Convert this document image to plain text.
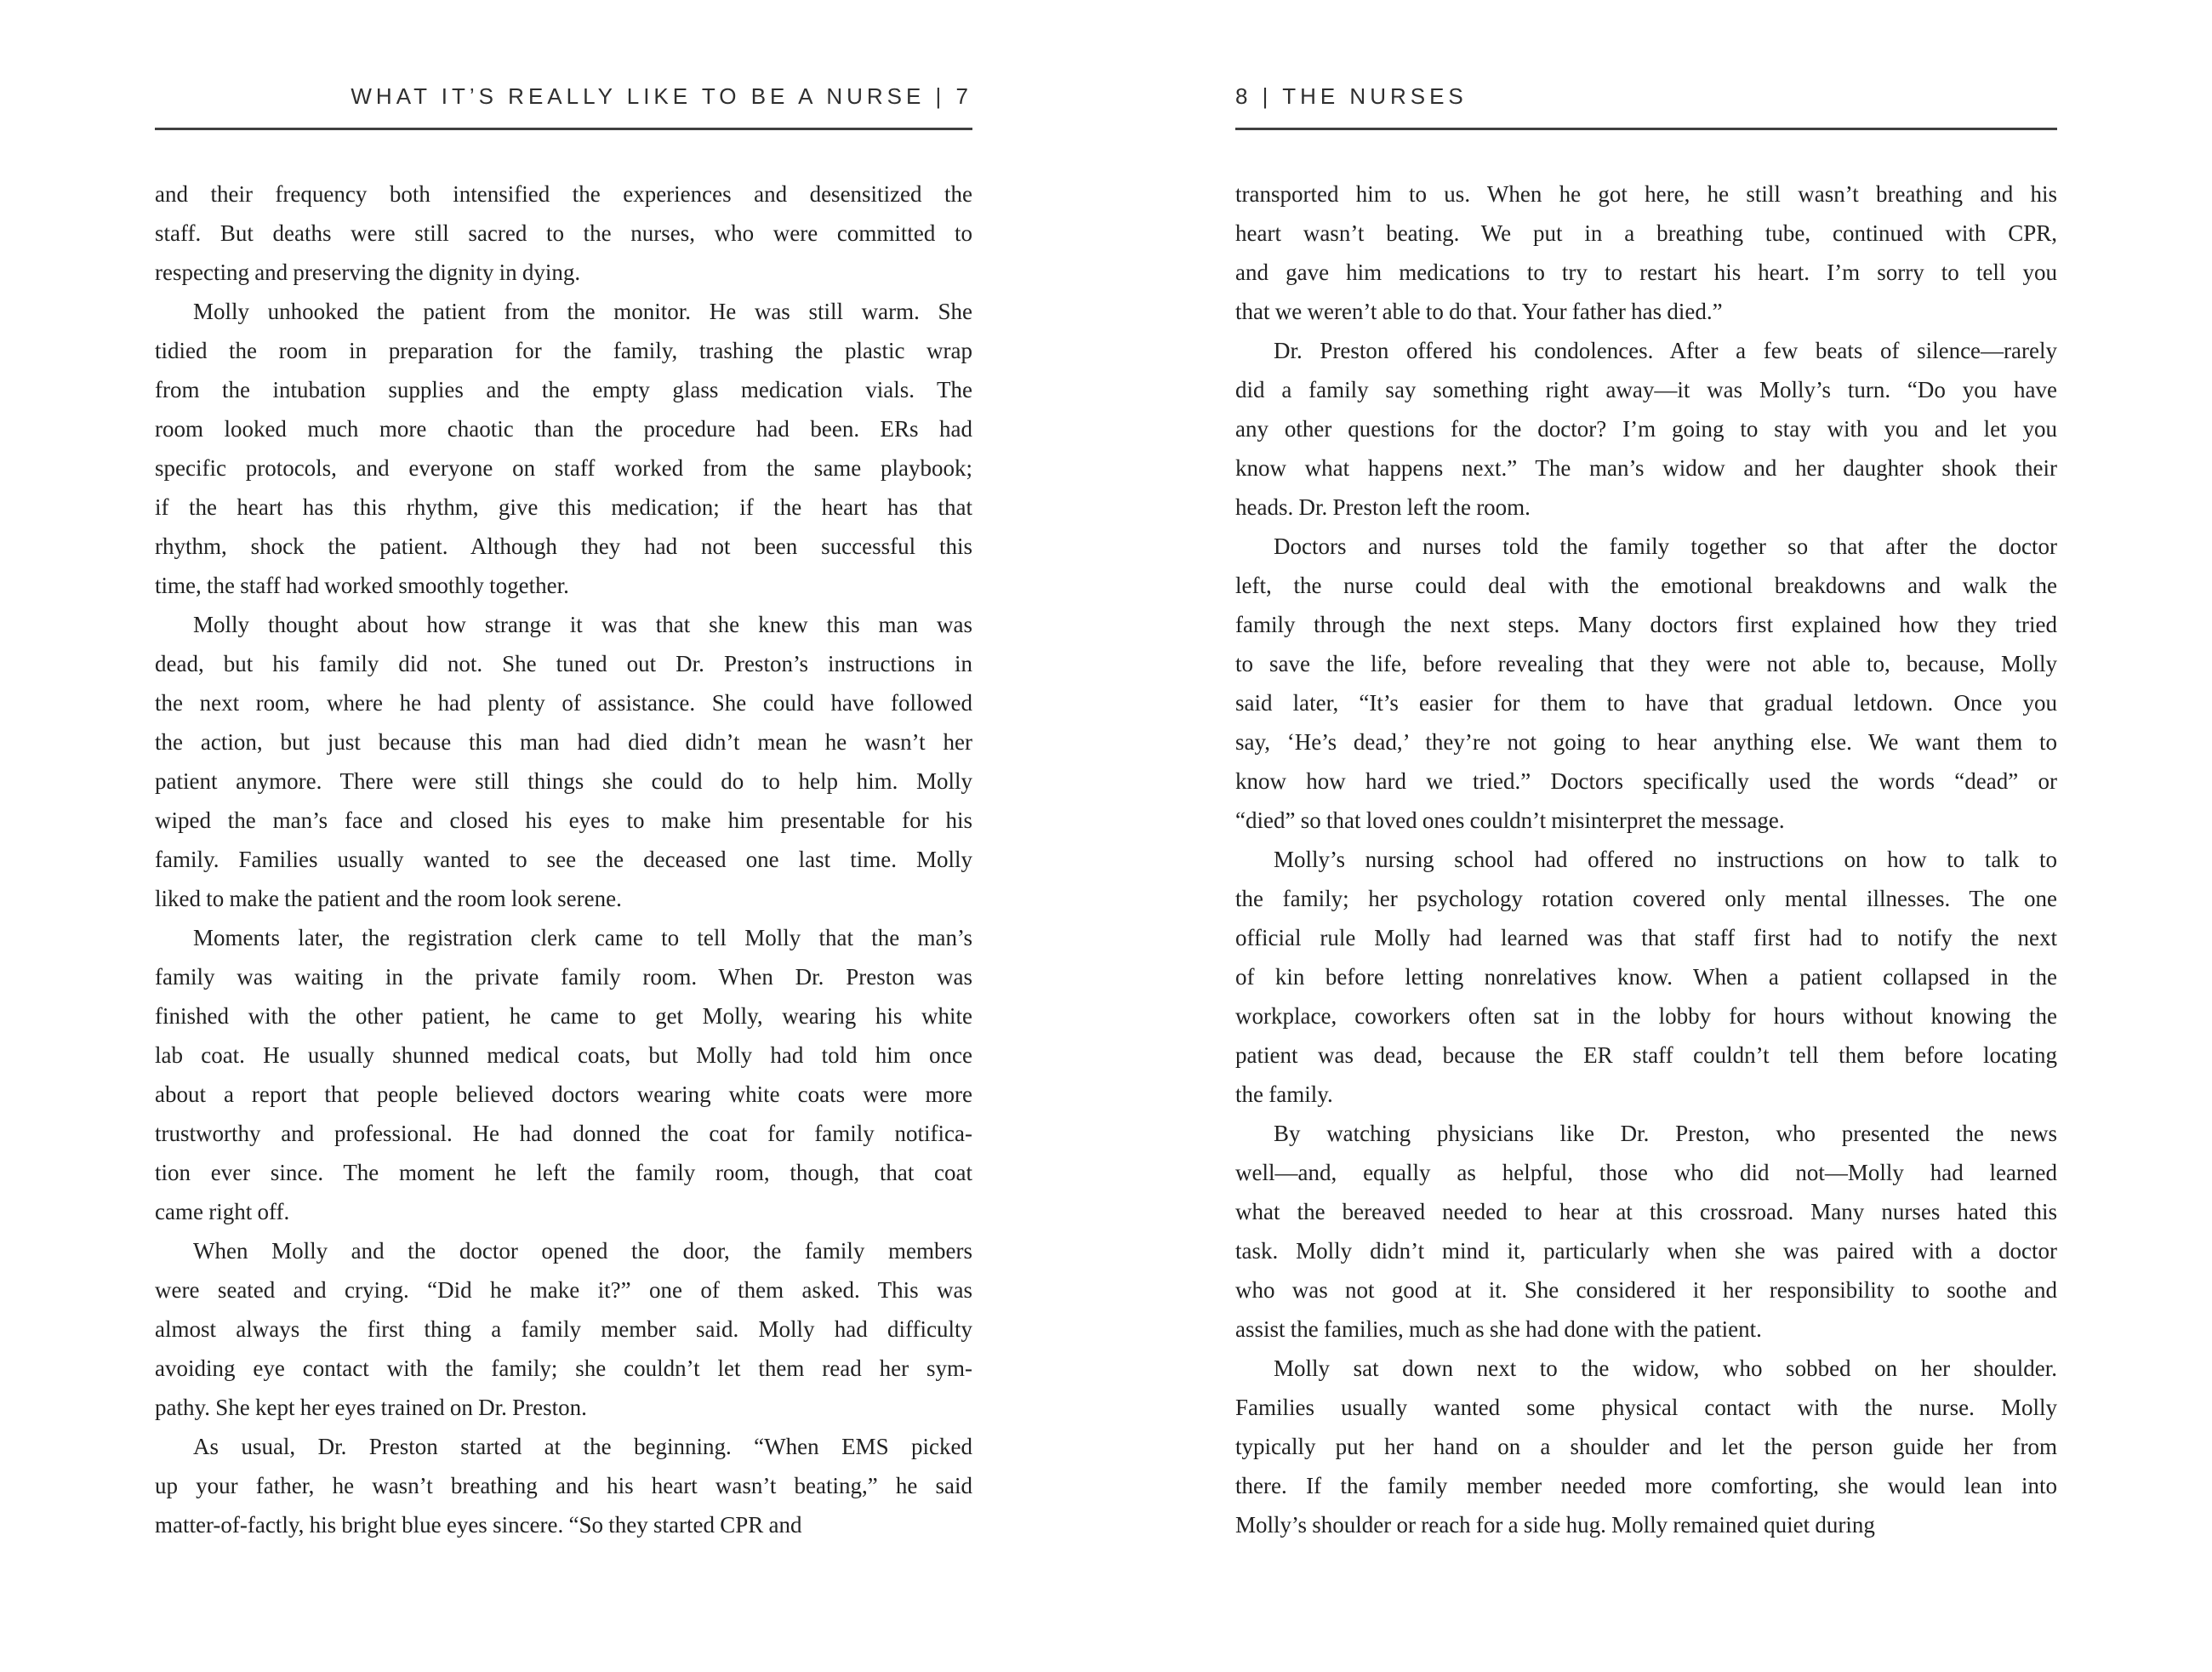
WHAT IT’S REALLY LIKE TO BE A NURSE | 7
and their frequency both intensified the experiences and desensitized the
staff. But deaths were still sacred to the nurses, who were committed to
respecting and preserving the dignity in dying.
Molly unhooked the patient from the monitor. He was still warm. She
tidied the room in preparation for the family, trashing the plastic wrap
from the intubation supplies and the empty glass medication vials. The
room looked much more chaotic than the procedure had been. ERs had
specific protocols, and everyone on staff worked from the same playbook;
if the heart has this rhythm, give this medication; if the heart has that
rhythm, shock the patient. Although they had not been successful this
time, the staff had worked smoothly together.
Molly thought about how strange it was that she knew this man was
dead, but his family did not. She tuned out Dr. Preston’s instructions in
the next room, where he had plenty of assistance. She could have followed
the action, but just because this man had died didn’t mean he wasn’t her
patient anymore. There were still things she could do to help him. Molly
wiped the man’s face and closed his eyes to make him presentable for his
family. Families usually wanted to see the deceased one last time. Molly
liked to make the patient and the room look serene.
Moments later, the registration clerk came to tell Molly that the man’s
family was waiting in the private family room. When Dr. Preston was
finished with the other patient, he came to get Molly, wearing his white
lab coat. He usually shunned medical coats, but Molly had told him once
about a report that people believed doctors wearing white coats were more
trustworthy and professional. He had donned the coat for family notifica-
tion ever since. The moment he left the family room, though, that coat
came right off.
When Molly and the doctor opened the door, the family members
were seated and crying. “Did he make it?” one of them asked. This was
almost always the first thing a family member said. Molly had difficulty
avoiding eye contact with the family; she couldn’t let them read her sym-
pathy. She kept her eyes trained on Dr. Preston.
As usual, Dr. Preston started at the beginning. “When EMS picked
up your father, he wasn’t breathing and his heart wasn’t beating,” he said
matter-of-factly, his bright blue eyes sincere. “So they started CPR and
8 | THE NURSES
transported him to us. When he got here, he still wasn’t breathing and his
heart wasn’t beating. We put in a breathing tube, continued with CPR,
and gave him medications to try to restart his heart. I’m sorry to tell you
that we weren’t able to do that. Your father has died.”
Dr. Preston offered his condolences. After a few beats of silence—rarely
did a family say something right away—it was Molly’s turn. “Do you have
any other questions for the doctor? I’m going to stay with you and let you
know what happens next.” The man’s widow and her daughter shook their
heads. Dr. Preston left the room.
Doctors and nurses told the family together so that after the doctor
left, the nurse could deal with the emotional breakdowns and walk the
family through the next steps. Many doctors first explained how they tried
to save the life, before revealing that they were not able to, because, Molly
said later, “It’s easier for them to have that gradual letdown. Once you
say, ‘He’s dead,’ they’re not going to hear anything else. We want them to
know how hard we tried.” Doctors specifically used the words “dead” or
“died” so that loved ones couldn’t misinterpret the message.
Molly’s nursing school had offered no instructions on how to talk to
the family; her psychology rotation covered only mental illnesses. The one
official rule Molly had learned was that staff first had to notify the next
of kin before letting nonrelatives know. When a patient collapsed in the
workplace, coworkers often sat in the lobby for hours without knowing the
patient was dead, because the ER staff couldn’t tell them before locating
the family.
By watching physicians like Dr. Preston, who presented the news
well—and, equally as helpful, those who did not—Molly had learned
what the bereaved needed to hear at this crossroad. Many nurses hated this
task. Molly didn’t mind it, particularly when she was paired with a doctor
who was not good at it. She considered it her responsibility to soothe and
assist the families, much as she had done with the patient.
Molly sat down next to the widow, who sobbed on her shoulder.
Families usually wanted some physical contact with the nurse. Molly
typically put her hand on a shoulder and let the person guide her from
there. If the family member needed more comforting, she would lean into
Molly’s shoulder or reach for a side hug. Molly remained quiet during
